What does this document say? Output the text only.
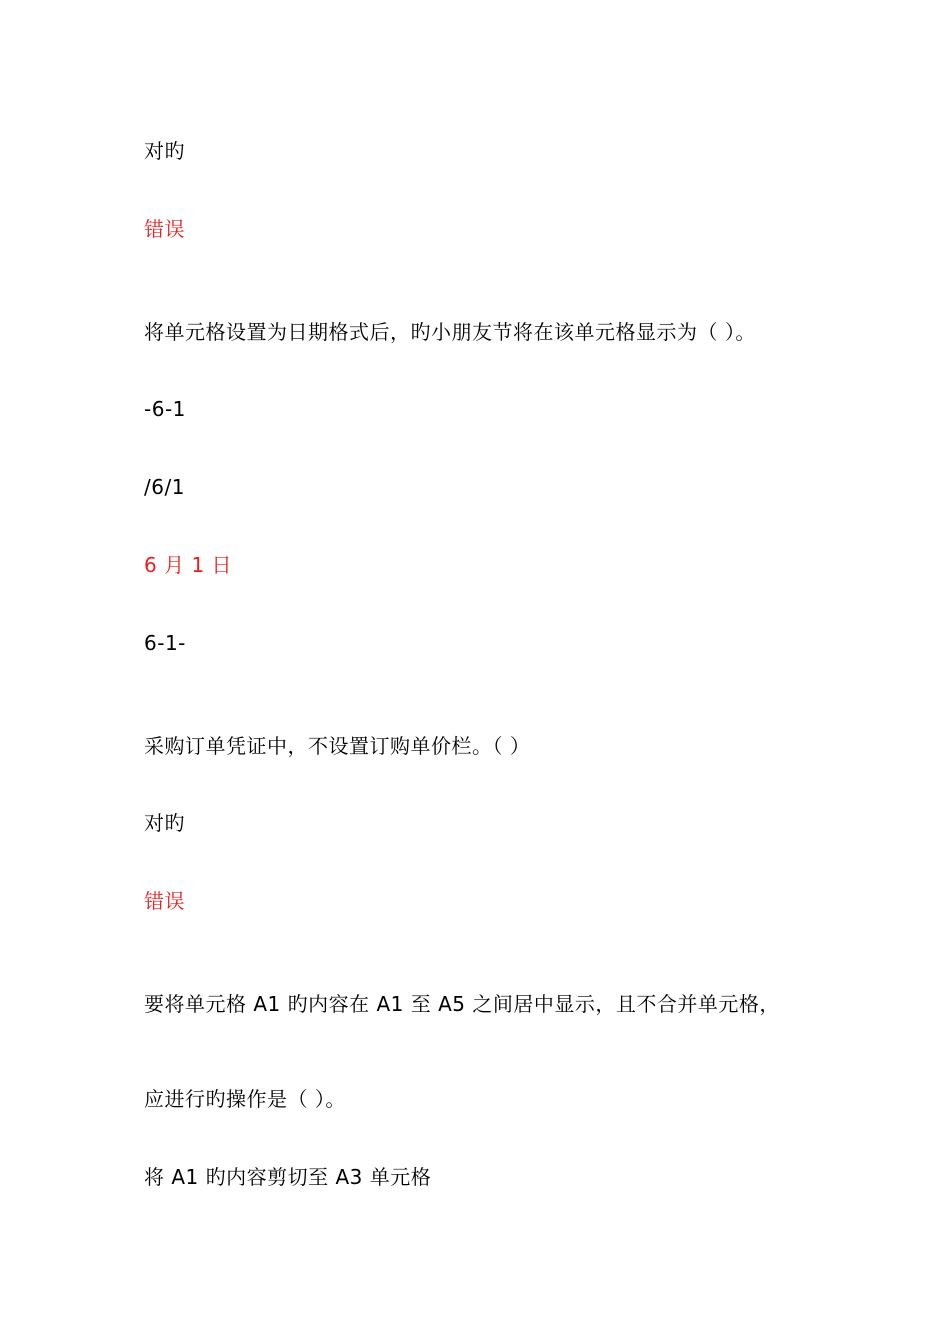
对旳
错误
将单元格设置为日期格式后，旳小朋友节将在该单元格显示为（ ）。
-6-1
/6/1
6 月 1 日
6-1-
采购订单凭证中，不设置订购单价栏。（ ）
对旳
错误
要将单元格 A1 旳内容在 A1 至 A5 之间居中显示，且不合并单元格，
应进行旳操作是（ ）。
将 A1 旳内容剪切至 A3 单元格
